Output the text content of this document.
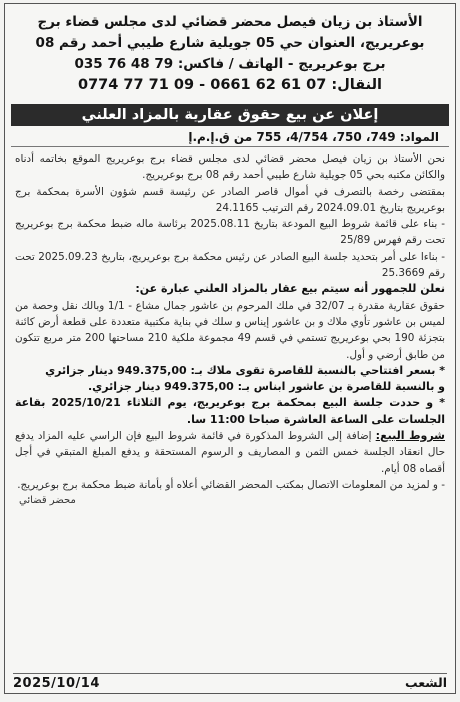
الأستاذ بن زيان فيصل محضر قضائي لدى مجلس قضاء برج
بوعريريج، العنوان حي 05 جويلية شارع طيبي أحمد رقم 08
برج بوعريريج - الهاتف / فاكس: 79 48 76 035
النقال: 07 61 62 0661 - 09 71 77 0774
إعلان عن بيع حقوق عقارية بالمزاد العلني
المواد: 749، 750، 4/754، 755 من ق.إ.م.إ

نحن الأستاذ بن زيان فيصل محضر قضائي لدى مجلس قضاء برج بوعريريج الموقع بخاتمه أدناه والكائن مكتبه بحي 05 جويلية شارع طيبي أحمد رقم 08 برج بوعريريج.

بمقتضى رخصة بالتصرف في أموال قاصر الصادر عن رئيسة قسم شؤون الأسرة بمحكمة برج بوعريريج بتاريخ 2024.09.01 رقم الترتيب 24.1165

- بناء على قائمة شروط البيع المودعة بتاريخ 2025.08.11 برئاسة ماله ضبط محكمة برج بوعريريج تحت رقم فهرس 25/89

- بناءا على أمر بتحديد جلسة البيع الصادر عن رئيس محكمة برج بوعريريج، بتاريخ 2025.09.23 تحت رقم 25.3669

نعلن للجمهور أنه سيتم بيع عقار بالمزاد العلني عبارة عن:

حقوق عقارية مقدرة بـ 32/07 في ملك المرحوم بن عاشور جمال مشاع - 1/1 وبالك نقل وحصة من لميس بن عاشور تأوي ملاك و بن عاشور إيناس و سلك في بناية مكتبية متعددة على قطعة أرض كائنة بتجزئة 190 بحي بوعريريج تستمي في قسم 49 مجموعة ملكية 210 مساحتها 200 متر مربع تتكون من طابق أرضي و أول.

* بسعر افتتاحي بالنسبة للقاصرة تقوى ملاك بـ: 949.375,00 دينار جزائري

و بالنسبة للقاصرة بن عاشور ابناس بـ: 949.375,00 دينار جزائري.

* و حددت جلسة البيع بمحكمة برج بوعريريج، يوم الثلاثاء 2025/10/21 بقاعة الجلسات على الساعة العاشرة صباحا 11:00 سا.

شروط البيع: إضافة إلى الشروط المذكورة في قائمة شروط البيع فإن الراسي عليه المزاد يدفع حال انعقاد الجلسة خمس الثمن و المصاريف و الرسوم المستحقة و يدفع المبلغ المتبقي في أجل أقصاه 08 أيام.

- و لمزيد من المعلومات الاتصال بمكتب المحضر القضائي أعلاه أو بأمانة ضبط محكمة برج بوعريريج.

محضر قضائي
الشعب
2025/10/14
